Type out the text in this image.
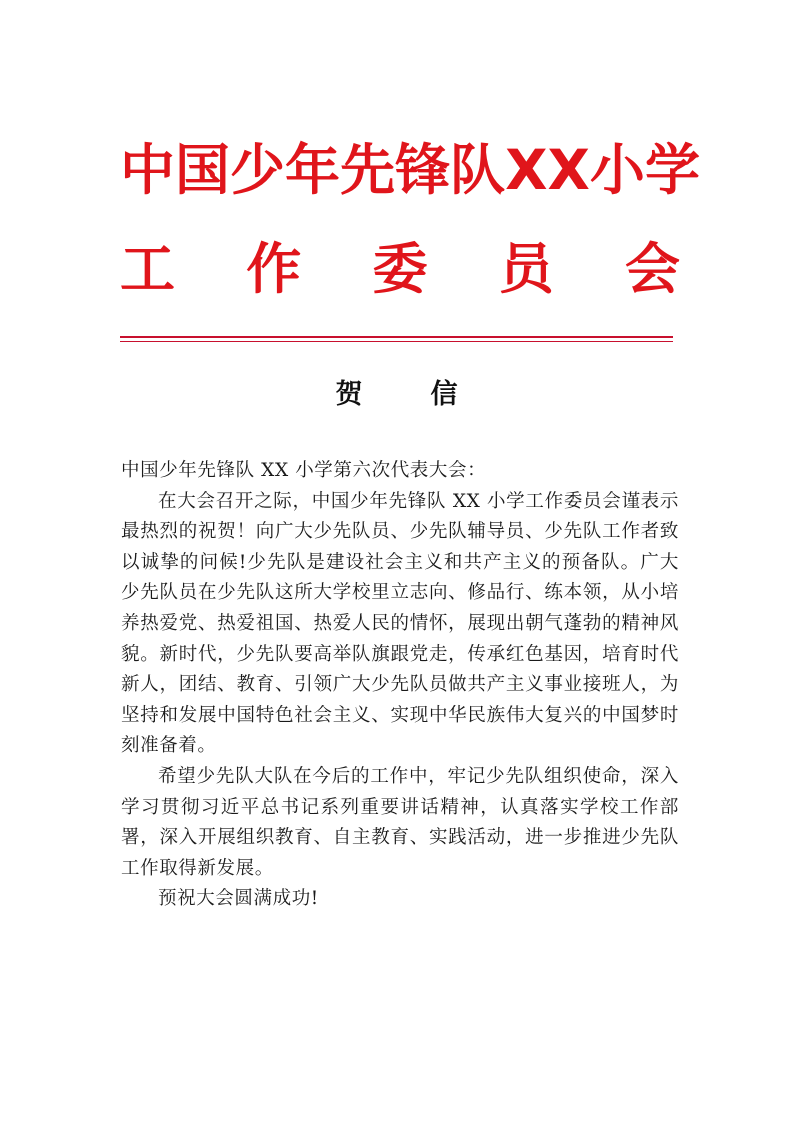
中 国 少 年 先 锋 队 X X 小 学
工 作 委 员 会
贺	信

中国少年先锋队 XX 小学第六次代表大会：

在大会召开之际，中国少年先锋队 XX 小学工作委员会谨表示最热烈的祝贺！向广大少先队员、少先队辅导员、少先队工作者致以诚挚的问候!少先队是建设社会主义和共产主义的预备队。广大少先队员在少先队这所大学校里立志向、修品行、练本领，从小培养热爱党、热爱祖国、热爱人民的情怀，展现出朝气蓬勃的精神风貌。新时代，少先队要高举队旗跟党走，传承红色基因，培育时代新人，团结、教育、引领广大少先队员做共产主义事业接班人，为坚持和发展中国特色社会主义、实现中华民族伟大复兴的中国梦时刻准备着。

希望少先队大队在今后的工作中，牢记少先队组织使命，深入学习贯彻习近平总书记系列重要讲话精神，认真落实学校工作部署，深入开展组织教育、自主教育、实践活动，进一步推进少先队工作取得新发展。

预祝大会圆满成功!
